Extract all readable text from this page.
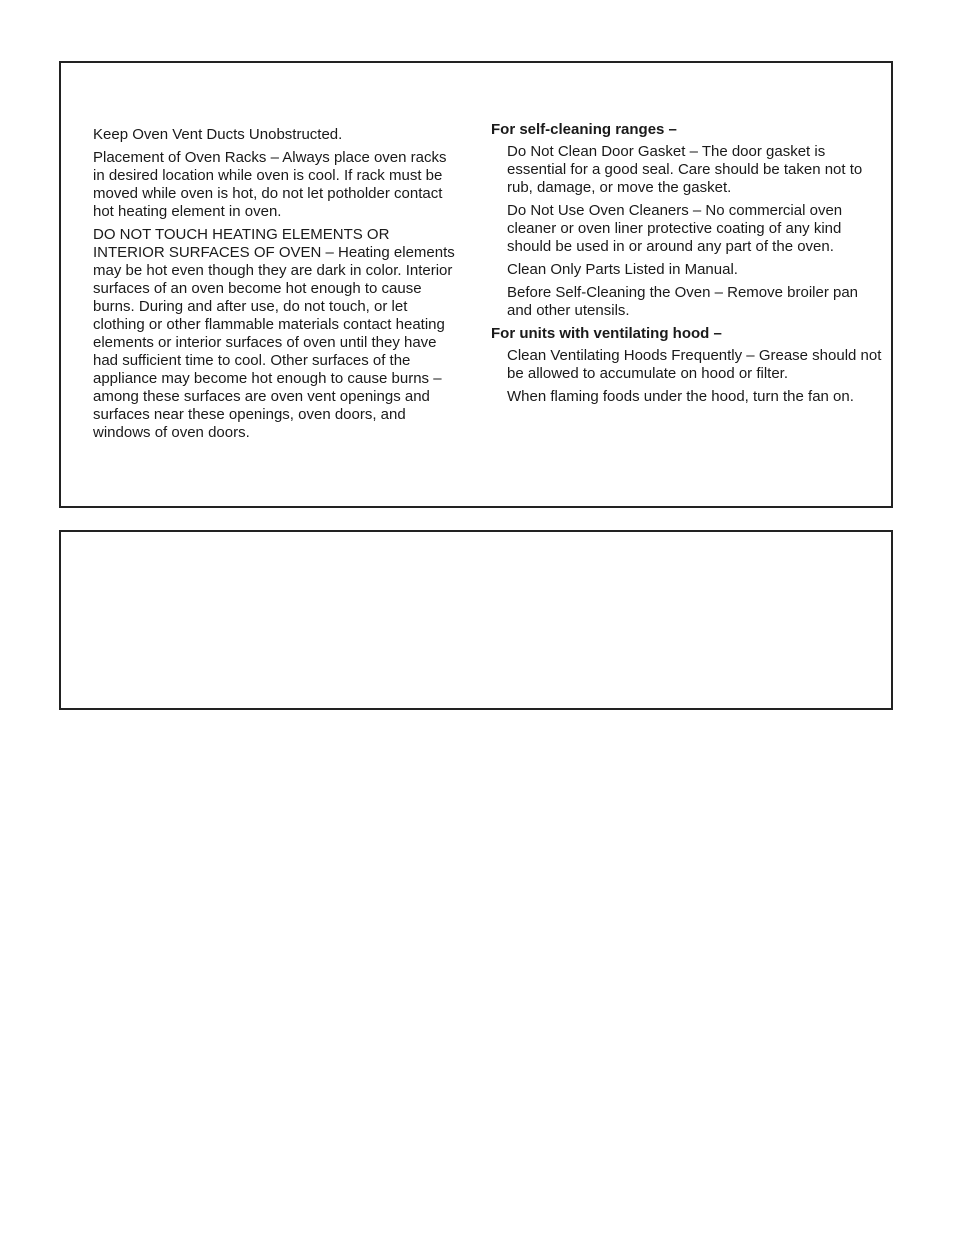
Keep Oven Vent Ducts Unobstructed.

Placement of Oven Racks – Always place oven racks in desired location while oven is cool. If rack must be moved while oven is hot, do not let potholder contact hot heating element in oven.

DO NOT TOUCH HEATING ELEMENTS OR INTERIOR SURFACES OF OVEN – Heating elements may be hot even though they are dark in color. Interior surfaces of an oven become hot enough to cause burns. During and after use, do not touch, or let clothing or other flammable materials contact heating elements or interior surfaces of oven until they have had sufficient time to cool. Other surfaces of the appliance may become hot enough to cause burns – among these surfaces are oven vent openings and surfaces near these openings, oven doors, and windows of oven doors.

For self-cleaning ranges –

Do Not Clean Door Gasket – The door gasket is essential for a good seal. Care should be taken not to rub, damage, or move the gasket.

Do Not Use Oven Cleaners – No commercial oven cleaner or oven liner protective coating of any kind should be used in or around any part of the oven.

Clean Only Parts Listed in Manual.

Before Self-Cleaning the Oven – Remove broiler pan and other utensils.

For units with ventilating hood –

Clean Ventilating Hoods Frequently – Grease should not be allowed to accumulate on hood or filter.

When flaming foods under the hood, turn the fan on.
